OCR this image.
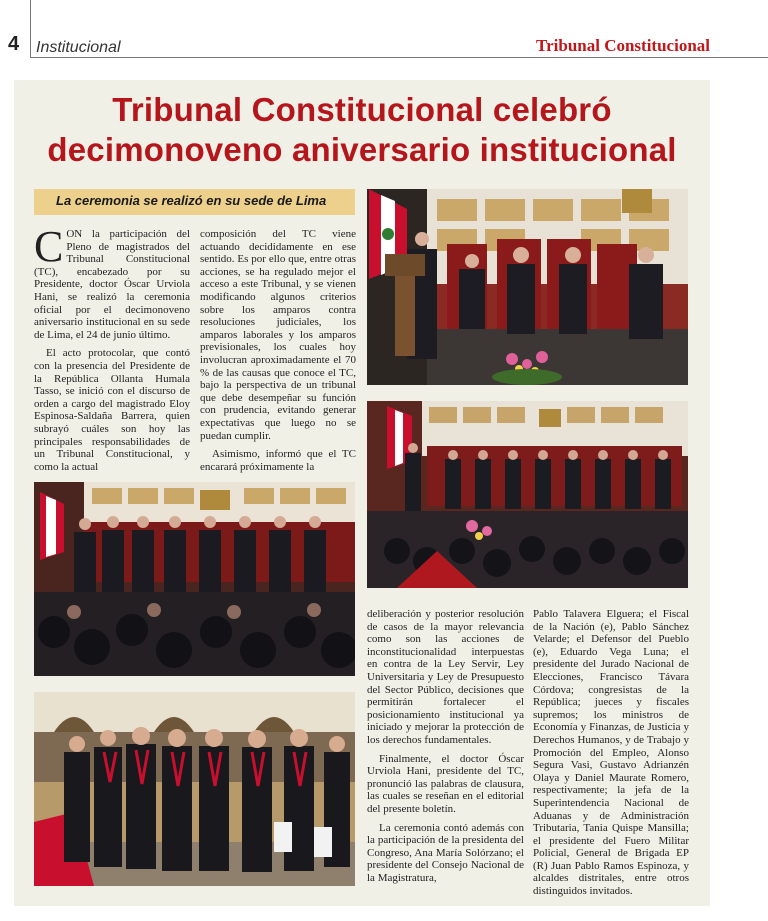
4 Institucional	Tribunal Constitucional
Tribunal Constitucional celebró
decimonoveno aniversario institucional
La ceremonia se realizó en su sede de Lima

CON la participación del Pleno de magistrados del Tribunal Constitucional (TC), encabezado por su Presidente, doctor Óscar Urviola Hani, se realizó la ceremonia oficial por el decimonoveno aniversario institucional en su sede de Lima, el 24 de junio último.

El acto protocolar, que contó con la presencia del Presidente de la República Ollanta Humala Tasso, se inició con el discurso de orden a cargo del magistrado Eloy Espinosa-Saldaña Barrera, quien subrayó cuáles son hoy las principales responsabilidades de un Tribunal Constitucional, y como la actual

composición del TC viene actuando decididamente en ese sentido. Es por ello que, entre otras acciones, se ha regulado mejor el acceso a este Tribunal, y se vienen modificando algunos criterios sobre los amparos contra resoluciones judiciales, los amparos laborales y los amparos previsionales, los cuales hoy involucran aproximadamente el 70 % de las causas que conoce el TC, bajo la perspectiva de un tribunal que debe desempeñar su función con prudencia, evitando generar expectativas que luego no se puedan cumplir.

Asimismo, informó que el TC encarará próximamente la

deliberación y posterior resolución de casos de la mayor relevancia como son las acciones de inconstitucionalidad interpuestas en contra de la Ley Servir, Ley Universitaria y Ley de Presupuesto del Sector Público, decisiones que permitirán fortalecer el posicionamiento institucional ya iniciado y mejorar la protección de los derechos fundamentales.

Finalmente, el doctor Óscar Urviola Hani, presidente del TC, pronunció las palabras de clausura, las cuales se reseñan en el editorial del presente boletín.

La ceremonia contó además con la participación de la presidenta del Congreso, Ana María Solórzano; el presidente del Consejo Nacional de la Magistratura,

Pablo Talavera Elguera; el Fiscal de la Nación (e), Pablo Sánchez Velarde; el Defensor del Pueblo (e), Eduardo Vega Luna; el presidente del Jurado Nacional de Elecciones, Francisco Távara Córdova; congresistas de la República; jueces y fiscales supremos; los ministros de Economía y Finanzas, de Justicia y Derechos Humanos, y de Trabajo y Promoción del Empleo, Alonso Segura Vasi, Gustavo Adrianzén Olaya y Daniel Maurate Romero, respectivamente; la jefa de la Superintendencia Nacional de Aduanas y de Administración Tributaria, Tania Quispe Mansilla; el presidente del Fuero Militar Policial, General de Brigada EP (R) Juan Pablo Ramos Espinoza, y alcaldes distritales, entre otros distinguidos invitados.
